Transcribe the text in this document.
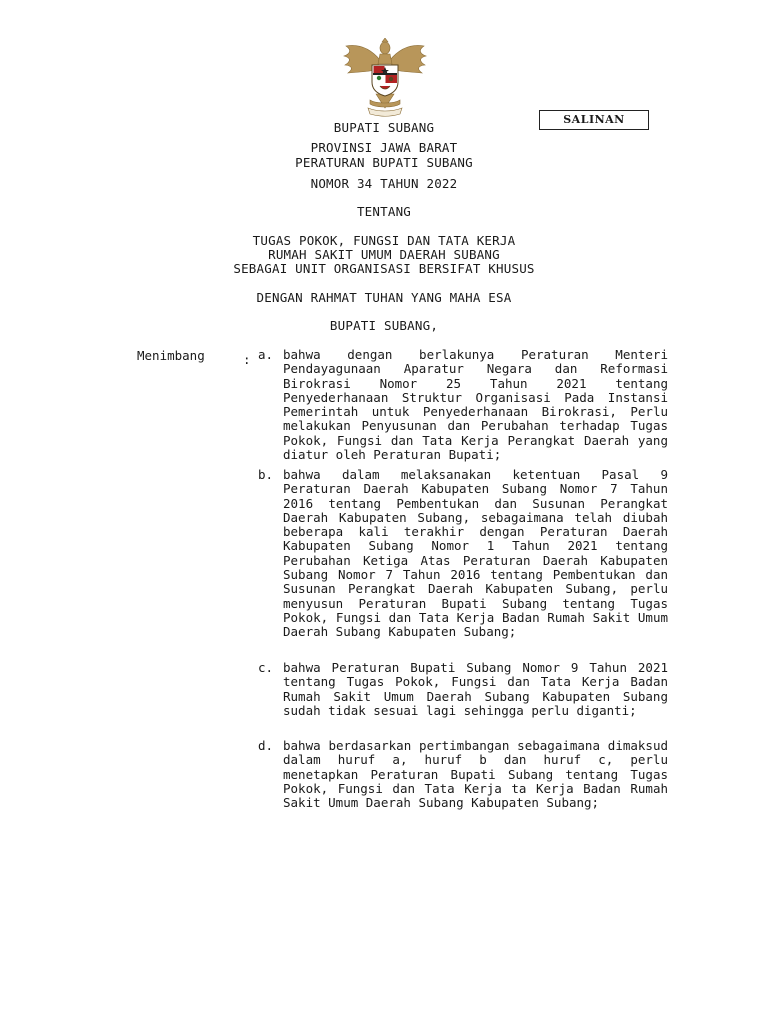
SALINAN
BUPATI SUBANG
PROVINSI JAWA BARAT
PERATURAN BUPATI SUBANG
NOMOR 34 TAHUN 2022
TENTANG
TUGAS POKOK, FUNGSI DAN TATA KERJA
RUMAH SAKIT UMUM DAERAH SUBANG
SEBAGAI UNIT ORGANISASI BERSIFAT KHUSUS
DENGAN RAHMAT TUHAN YANG MAHA ESA
BUPATI SUBANG,
Menimbang	: a. bahwa dengan berlakunya Peraturan Menteri Pendayagunaan Aparatur Negara dan Reformasi Birokrasi Nomor 25 Tahun 2021 tentang Penyederhanaan Struktur Organisasi Pada Instansi Pemerintah untuk Penyederhanaan Birokrasi, Perlu melakukan Penyusunan dan Perubahan terhadap Tugas Pokok, Fungsi dan Tata Kerja Perangkat Daerah yang diatur oleh Peraturan Bupati;
b. bahwa dalam melaksanakan ketentuan Pasal 9 Peraturan Daerah Kabupaten Subang Nomor 7 Tahun 2016 tentang Pembentukan dan Susunan Perangkat Daerah Kabupaten Subang, sebagaimana telah diubah beberapa kali terakhir dengan Peraturan Daerah Kabupaten Subang Nomor 1 Tahun 2021 tentang Perubahan Ketiga Atas Peraturan Daerah Kabupaten Subang Nomor 7 Tahun 2016 tentang Pembentukan dan Susunan Perangkat Daerah Kabupaten Subang, perlu menyusun Peraturan Bupati Subang tentang Tugas Pokok, Fungsi dan Tata Kerja Badan Rumah Sakit Umum Daerah Subang Kabupaten Subang;
c. bahwa Peraturan Bupati Subang Nomor 9 Tahun 2021 tentang Tugas Pokok, Fungsi dan Tata Kerja Badan Rumah Sakit Umum Daerah Subang Kabupaten Subang sudah tidak sesuai lagi sehingga perlu diganti;
d. bahwa berdasarkan pertimbangan sebagaimana dimaksud dalam huruf a, huruf b dan huruf c, perlu menetapkan Peraturan Bupati Subang tentang Tugas Pokok, Fungsi dan Tata Kerja ta Kerja Badan Rumah Sakit Umum Daerah Subang Kabupaten Subang;
